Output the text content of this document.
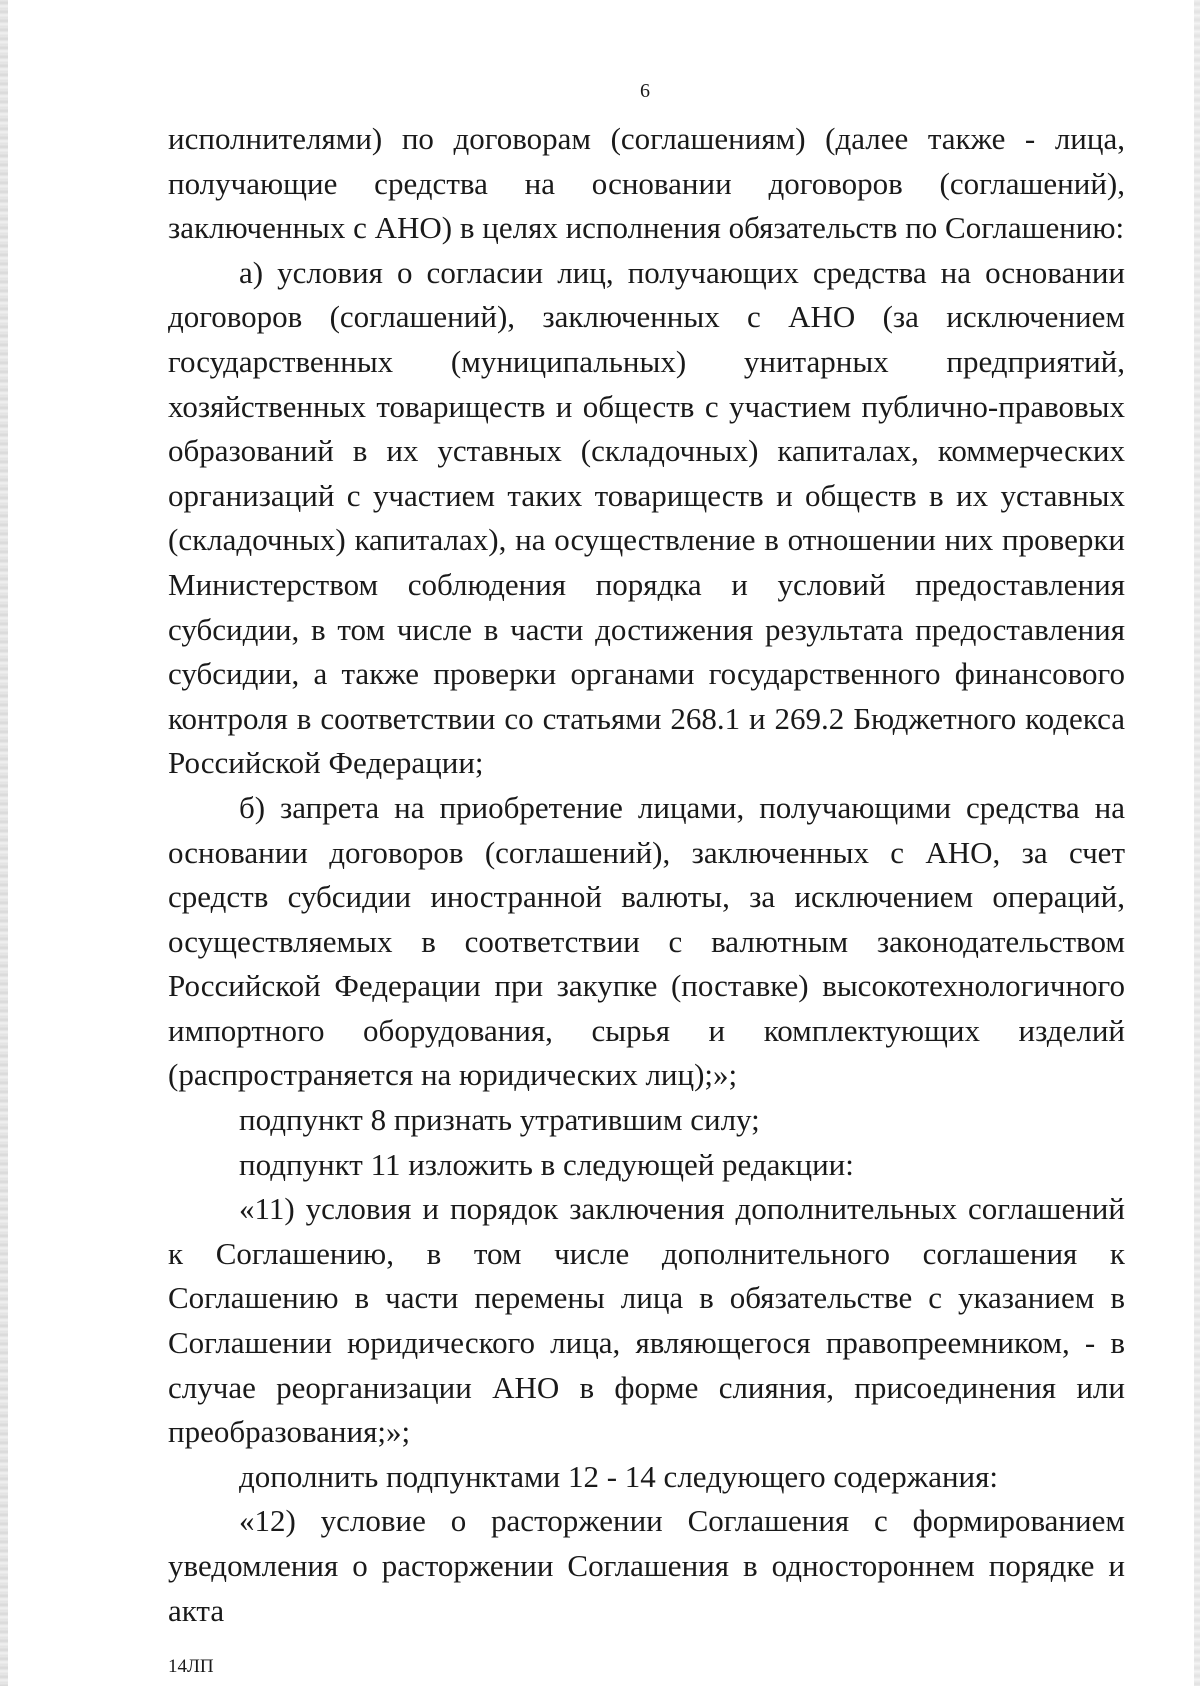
6

исполнителями) по договорам (соглашениям) (далее также - лица, получающие средства на основании договоров (соглашений), заключенных с АНО) в целях исполнения обязательств по Соглашению:

а) условия о согласии лиц, получающих средства на основании договоров (соглашений), заключенных с АНО (за исключением государственных (муниципальных) унитарных предприятий, хозяйственных товариществ и обществ с участием публично-правовых образований в их уставных (складочных) капиталах, коммерческих организаций с участием таких товариществ и обществ в их уставных (складочных) капиталах), на осуществление в отношении них проверки Министерством соблюдения порядка и условий предоставления субсидии, в том числе в части достижения результата предоставления субсидии, а также проверки органами государственного финансового контроля в соответствии со статьями 268.1 и 269.2 Бюджетного кодекса Российской Федерации;

б) запрета на приобретение лицами, получающими средства на основании договоров (соглашений), заключенных с АНО, за счет средств субсидии иностранной валюты, за исключением операций, осуществляемых в соответствии с валютным законодательством Российской Федерации при закупке (поставке) высокотехнологичного импортного оборудования, сырья и комплектующих изделий (распространяется на юридических лиц);»;

подпункт 8 признать утратившим силу;

подпункт 11 изложить в следующей редакции:

«11) условия и порядок заключения дополнительных соглашений к Соглашению, в том числе дополнительного соглашения к Соглашению в части перемены лица в обязательстве с указанием в Соглашении юридического лица, являющегося правопреемником, - в случае реорганизации АНО в форме слияния, присоединения или преобразования;»;

дополнить подпунктами 12 - 14 следующего содержания:

«12) условие о расторжении Соглашения с формированием уведомления о расторжении Соглашения в одностороннем порядке и акта

14ЛП
